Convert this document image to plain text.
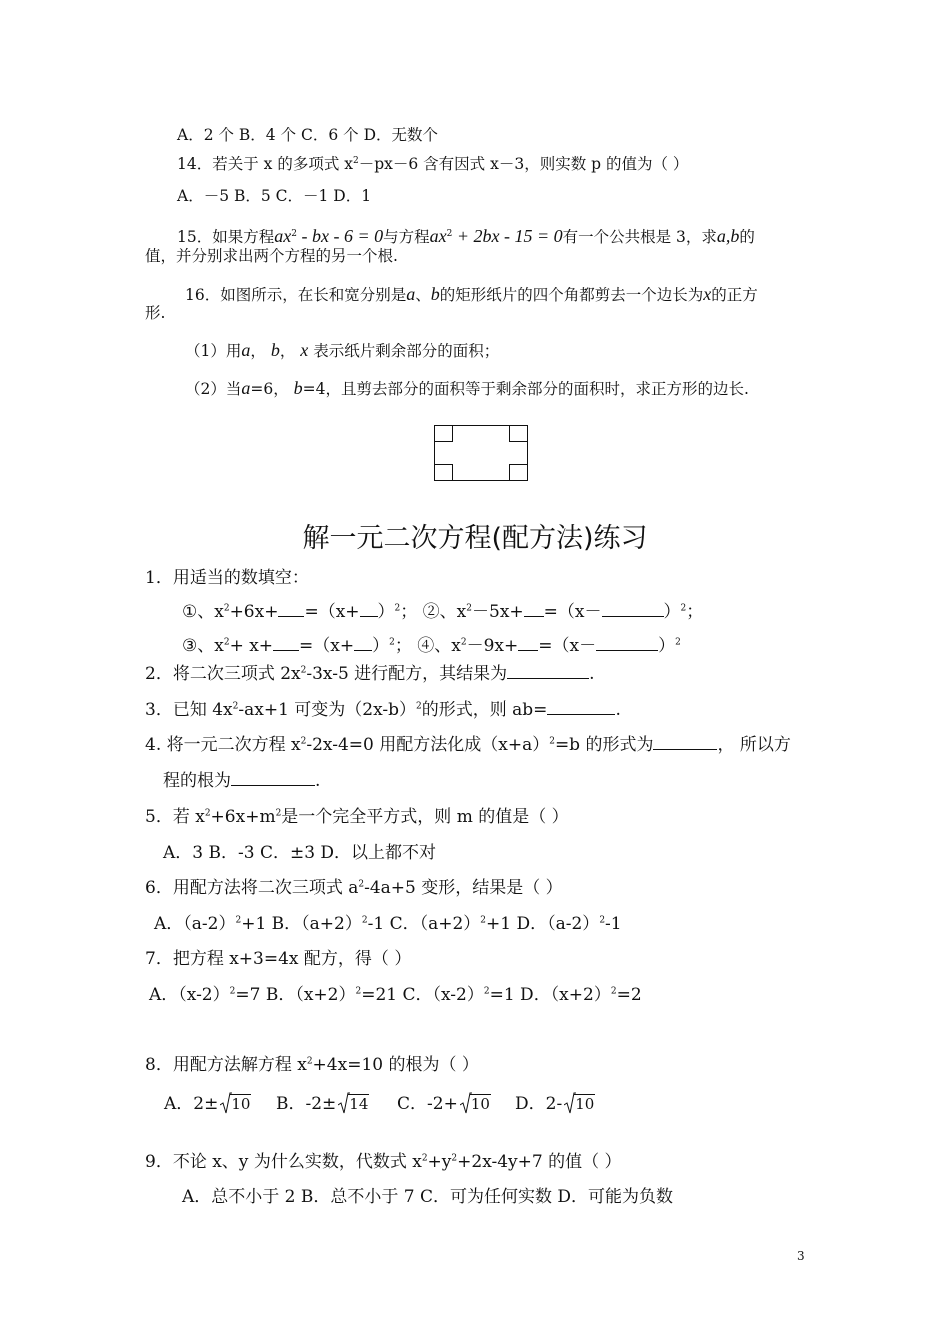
A．2 个 B．4 个 C．6 个 D．无数个
14．若关于 x 的多项式 $x^2-px-6$ 含有因式 x－3，则实数 p 的值为（ ）
A．－5 B．5 C．－1 D．1
15．如果方程$ax^2$ - bx - 6 = 0与方程$ax^2 + 2bx - 15 = 0$有一个公共根是 3，求a,b的
值，并分别求出两个方程的另一个根.
16．如图所示，在长和宽分别是a、b的矩形纸片的四个角都剪去一个边长为x的正方
形.
（1）用a， b， x 表示纸片剩余部分的面积；
（2）当a=6， b=4，且剪去部分的面积等于剩余部分的面积时，求正方形的边长.
解一元二次方程(配方法)练习
1．用适当的数填空：
①、$x^2+6x+ =(x+ )^2$； ②、$x^2-5x+ =(x-$	）$^2$；
③、$x^2+ x+ =(x+ )^2$； ④、$x^2-9x+ =(x-$	）$^2$
2．将二次三项式 $2x^2-3x-5$ 进行配方，其结果为	.
3．已知 $4x^2-ax+1$ 可变为$(2x-b)^2$的形式，则 ab=	.
4. 将一元二次方程 $x^2-2x-4=0$ 用配方法化成$(x+a)^2=b$ 的形式为	， 所以方
程的根为	.
5．若 $x^2+6x+m^2$是一个完全平方式，则 m 的值是（ ）
A．3 B．-3 C．±3 D．以上都不对
6．用配方法将二次三项式 $a^2-4a+5$ 变形，结果是（ ）
A．$(a-2)^2+1$ B．$(a+2)^2-1$ C．$(a+2)^2+1$ D．$(a-2)^2-1$
7．把方程 x+3=4x 配方，得（ ）
A．$(x-2)^2=7$ B．$(x+2)^2=21$ C．$(x-2)^2=1$ D．$(x+2)^2=2$
8．用配方法解方程 $x^2+4x=10$ 的根为（ ）
A．2± 10 B．-2± 14 C．-2+ 10 D．2- 10
9．不论 x、y 为什么实数，代数式 $x^2+y^2+2x-4y+7$ 的值（ ）
A．总不小于 2 B．总不小于 7 C．可为任何实数 D．可能为负数
3
